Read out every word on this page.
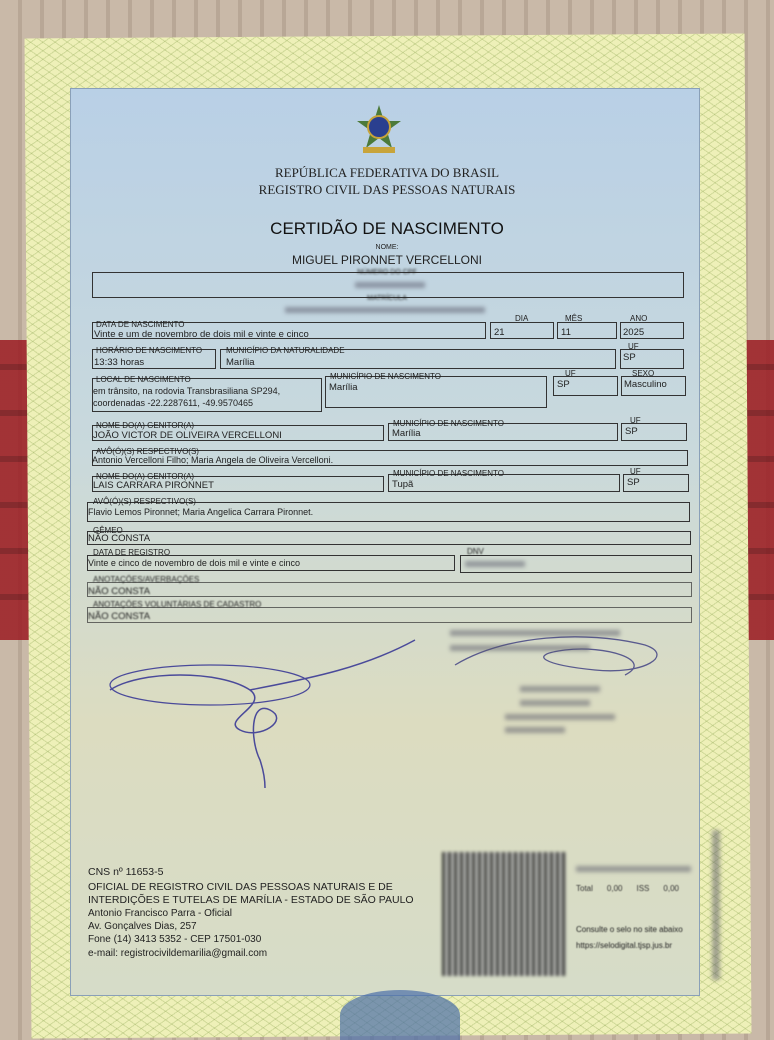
REPÚBLICA FEDERATIVA DO BRASIL
REGISTRO CIVIL DAS PESSOAS NATURAIS
CERTIDÃO DE NASCIMENTO
NOME:
MIGUEL PIRONNET VERCELLONI
NÚMERO DO CPF
MATRÍCULA
DATA DE NASCIMENTO
Vinte e um de novembro de dois mil e vinte e cinco
DIA
21
MÊS
11
ANO
2025
HORÁRIO DE NASCIMENTO
13:33 horas
MUNICÍPIO DA NATURALIDADE
Marília
UF
SP
LOCAL DE NASCIMENTO
em trânsito, na rodovia Transbrasiliana SP294,
coordenadas -22.2287611, -49.9570465
MUNICÍPIO DE NASCIMENTO
Marília
UF
SP
SEXO
Masculino
NOME DO(A) GENITOR(A)
JOÃO VICTOR DE OLIVEIRA VERCELLONI
MUNICÍPIO DE NASCIMENTO
Marília
UF
SP
AVÔ(Ó)(S) RESPECTIVO(S)
Antonio Vercelloni Filho; Maria Angela de Oliveira Vercelloni.
NOME DO(A) GENITOR(A)
LAIS CARRARA PIRONNET
MUNICÍPIO DE NASCIMENTO
Tupã
UF
SP
AVÔ(Ó)(S) RESPECTIVO(S)
Flavio Lemos Pironnet; Maria Angelica Carrara Pironnet.
GÊMEO
NÃO CONSTA
DATA DE REGISTRO
Vinte e cinco de novembro de dois mil e vinte e cinco
DNV
ANOTAÇÕES/AVERBAÇÕES
NÃO CONSTA
ANOTAÇÕES VOLUNTÁRIAS DE CADASTRO
NÃO CONSTA
CNS nº 11653-5
OFICIAL DE REGISTRO CIVIL DAS PESSOAS NATURAIS E DE
INTERDIÇÕES E TUTELAS DE MARÍLIA - ESTADO DE SÃO PAULO
Antonio Francisco Parra - Oficial
Av. Gonçalves Dias, 257
Fone (14) 3413 5352 - CEP 17501-030
e-mail: registrocivildemarilia@gmail.com
Total 0,00 ISS 0,00
Consulte o selo no site abaixo
https://selodigital.tjsp.jus.br
